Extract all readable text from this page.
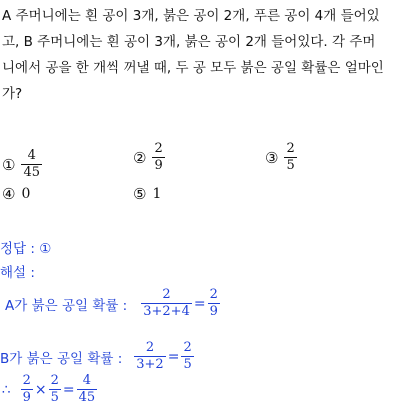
A 주머니에는 흰 공이 3개, 붉은 공이 2개, 푸른 공이 4개 들어있
고, B 주머니에는 흰 공이 3개, 붉은 공이 2개 들어있다. 각 주머
니에서 공을 한 개씩 꺼낼 때, 두 공 모두 붉은 공일 확률은 얼마인
가?
① $\frac{4}{45}$	② $\frac{2}{9}$	③ $\frac{2}{5}$
④ 0	⑤ 1
정답 : ①
해설 :
A가 붉은 공일 확률 : $\frac{2}{3+2+4} = \frac{2}{9}$
B가 붉은 공일 확률 : $\frac{2}{3+2} = \frac{2}{5}$
∴ $\frac{2}{9} \times \frac{2}{5} = \frac{4}{45}$
